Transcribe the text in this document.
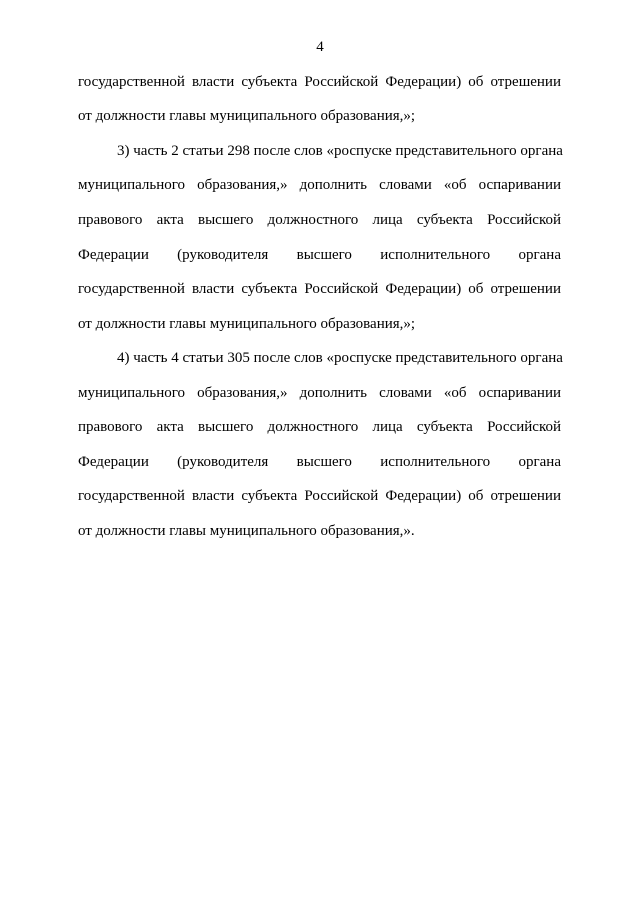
4
государственной власти субъекта Российской Федерации) об отрешении
от должности главы муниципального образования,»;
3) часть 2 статьи 298 после слов «роспуске представительного органа
муниципального образования,» дополнить словами «об оспаривании
правового акта высшего должностного лица субъекта Российской
Федерации (руководителя высшего исполнительного органа
государственной власти субъекта Российской Федерации) об отрешении
от должности главы муниципального образования,»;
4) часть 4 статьи 305 после слов «роспуске представительного органа
муниципального образования,» дополнить словами «об оспаривании
правового акта высшего должностного лица субъекта Российской
Федерации (руководителя высшего исполнительного органа
государственной власти субъекта Российской Федерации) об отрешении
от должности главы муниципального образования,».
